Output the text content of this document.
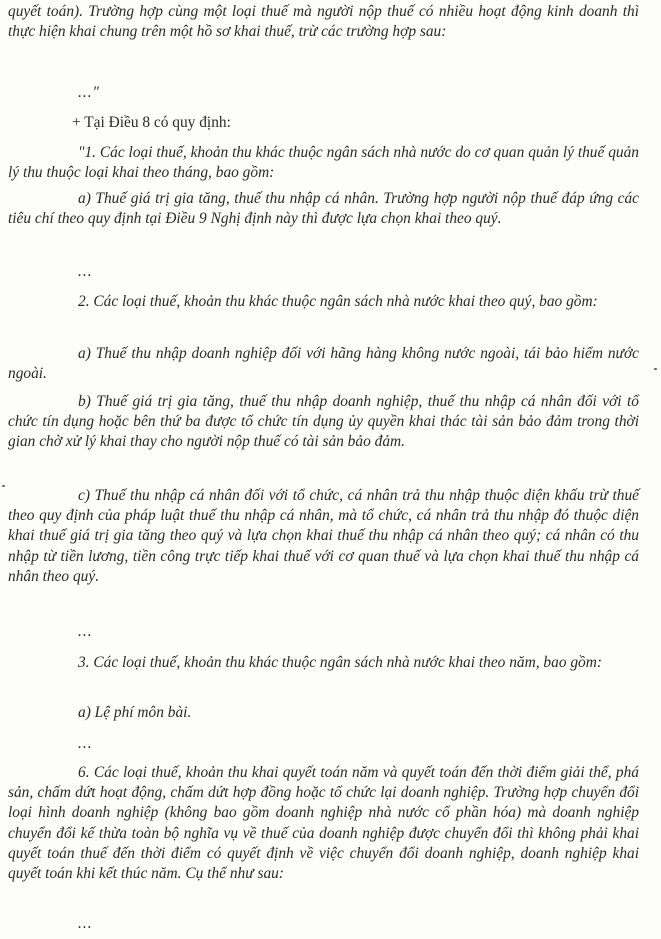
quyết toán). Trường hợp cùng một loại thuế mà người nộp thuế có nhiều hoạt động kinh doanh thì thực hiện khai chung trên một hồ sơ khai thuế, trừ các trường hợp sau:

..."

+ Tại Điều 8 có quy định:

"1. Các loại thuế, khoản thu khác thuộc ngân sách nhà nước do cơ quan quản lý thuế quản lý thu thuộc loại khai theo tháng, bao gồm:

a) Thuế giá trị gia tăng, thuế thu nhập cá nhân. Trường hợp người nộp thuế đáp ứng các tiêu chí theo quy định tại Điều 9 Nghị định này thì được lựa chọn khai theo quý.

...

2. Các loại thuế, khoản thu khác thuộc ngân sách nhà nước khai theo quý, bao gồm:

a) Thuế thu nhập doanh nghiệp đối với hãng hàng không nước ngoài, tái bảo hiểm nước ngoài.

b) Thuế giá trị gia tăng, thuế thu nhập doanh nghiệp, thuế thu nhập cá nhân đối với tổ chức tín dụng hoặc bên thứ ba được tổ chức tín dụng ủy quyền khai thác tài sản bảo đảm trong thời gian chờ xử lý khai thay cho người nộp thuế có tài sản bảo đảm.

c) Thuế thu nhập cá nhân đối với tổ chức, cá nhân trả thu nhập thuộc diện khấu trừ thuế theo quy định của pháp luật thuế thu nhập cá nhân, mà tổ chức, cá nhân trả thu nhập đó thuộc diện khai thuế giá trị gia tăng theo quý và lựa chọn khai thuế thu nhập cá nhân theo quý; cá nhân có thu nhập từ tiền lương, tiền công trực tiếp khai thuế với cơ quan thuế và lựa chọn khai thuế thu nhập cá nhân theo quý.

...

3. Các loại thuế, khoản thu khác thuộc ngân sách nhà nước khai theo năm, bao gồm:

a) Lệ phí môn bài.

...

6. Các loại thuế, khoản thu khai quyết toán năm và quyết toán đến thời điểm giải thể, phá sản, chấm dứt hoạt động, chấm dứt hợp đồng hoặc tổ chức lại doanh nghiệp. Trường hợp chuyển đổi loại hình doanh nghiệp (không bao gồm doanh nghiệp nhà nước cổ phần hóa) mà doanh nghiệp chuyển đổi kế thừa toàn bộ nghĩa vụ về thuế của doanh nghiệp được chuyển đổi thì không phải khai quyết toán thuế đến thời điểm có quyết định về việc chuyển đổi doanh nghiệp, doanh nghiệp khai quyết toán khi kết thúc năm. Cụ thể như sau:

...
